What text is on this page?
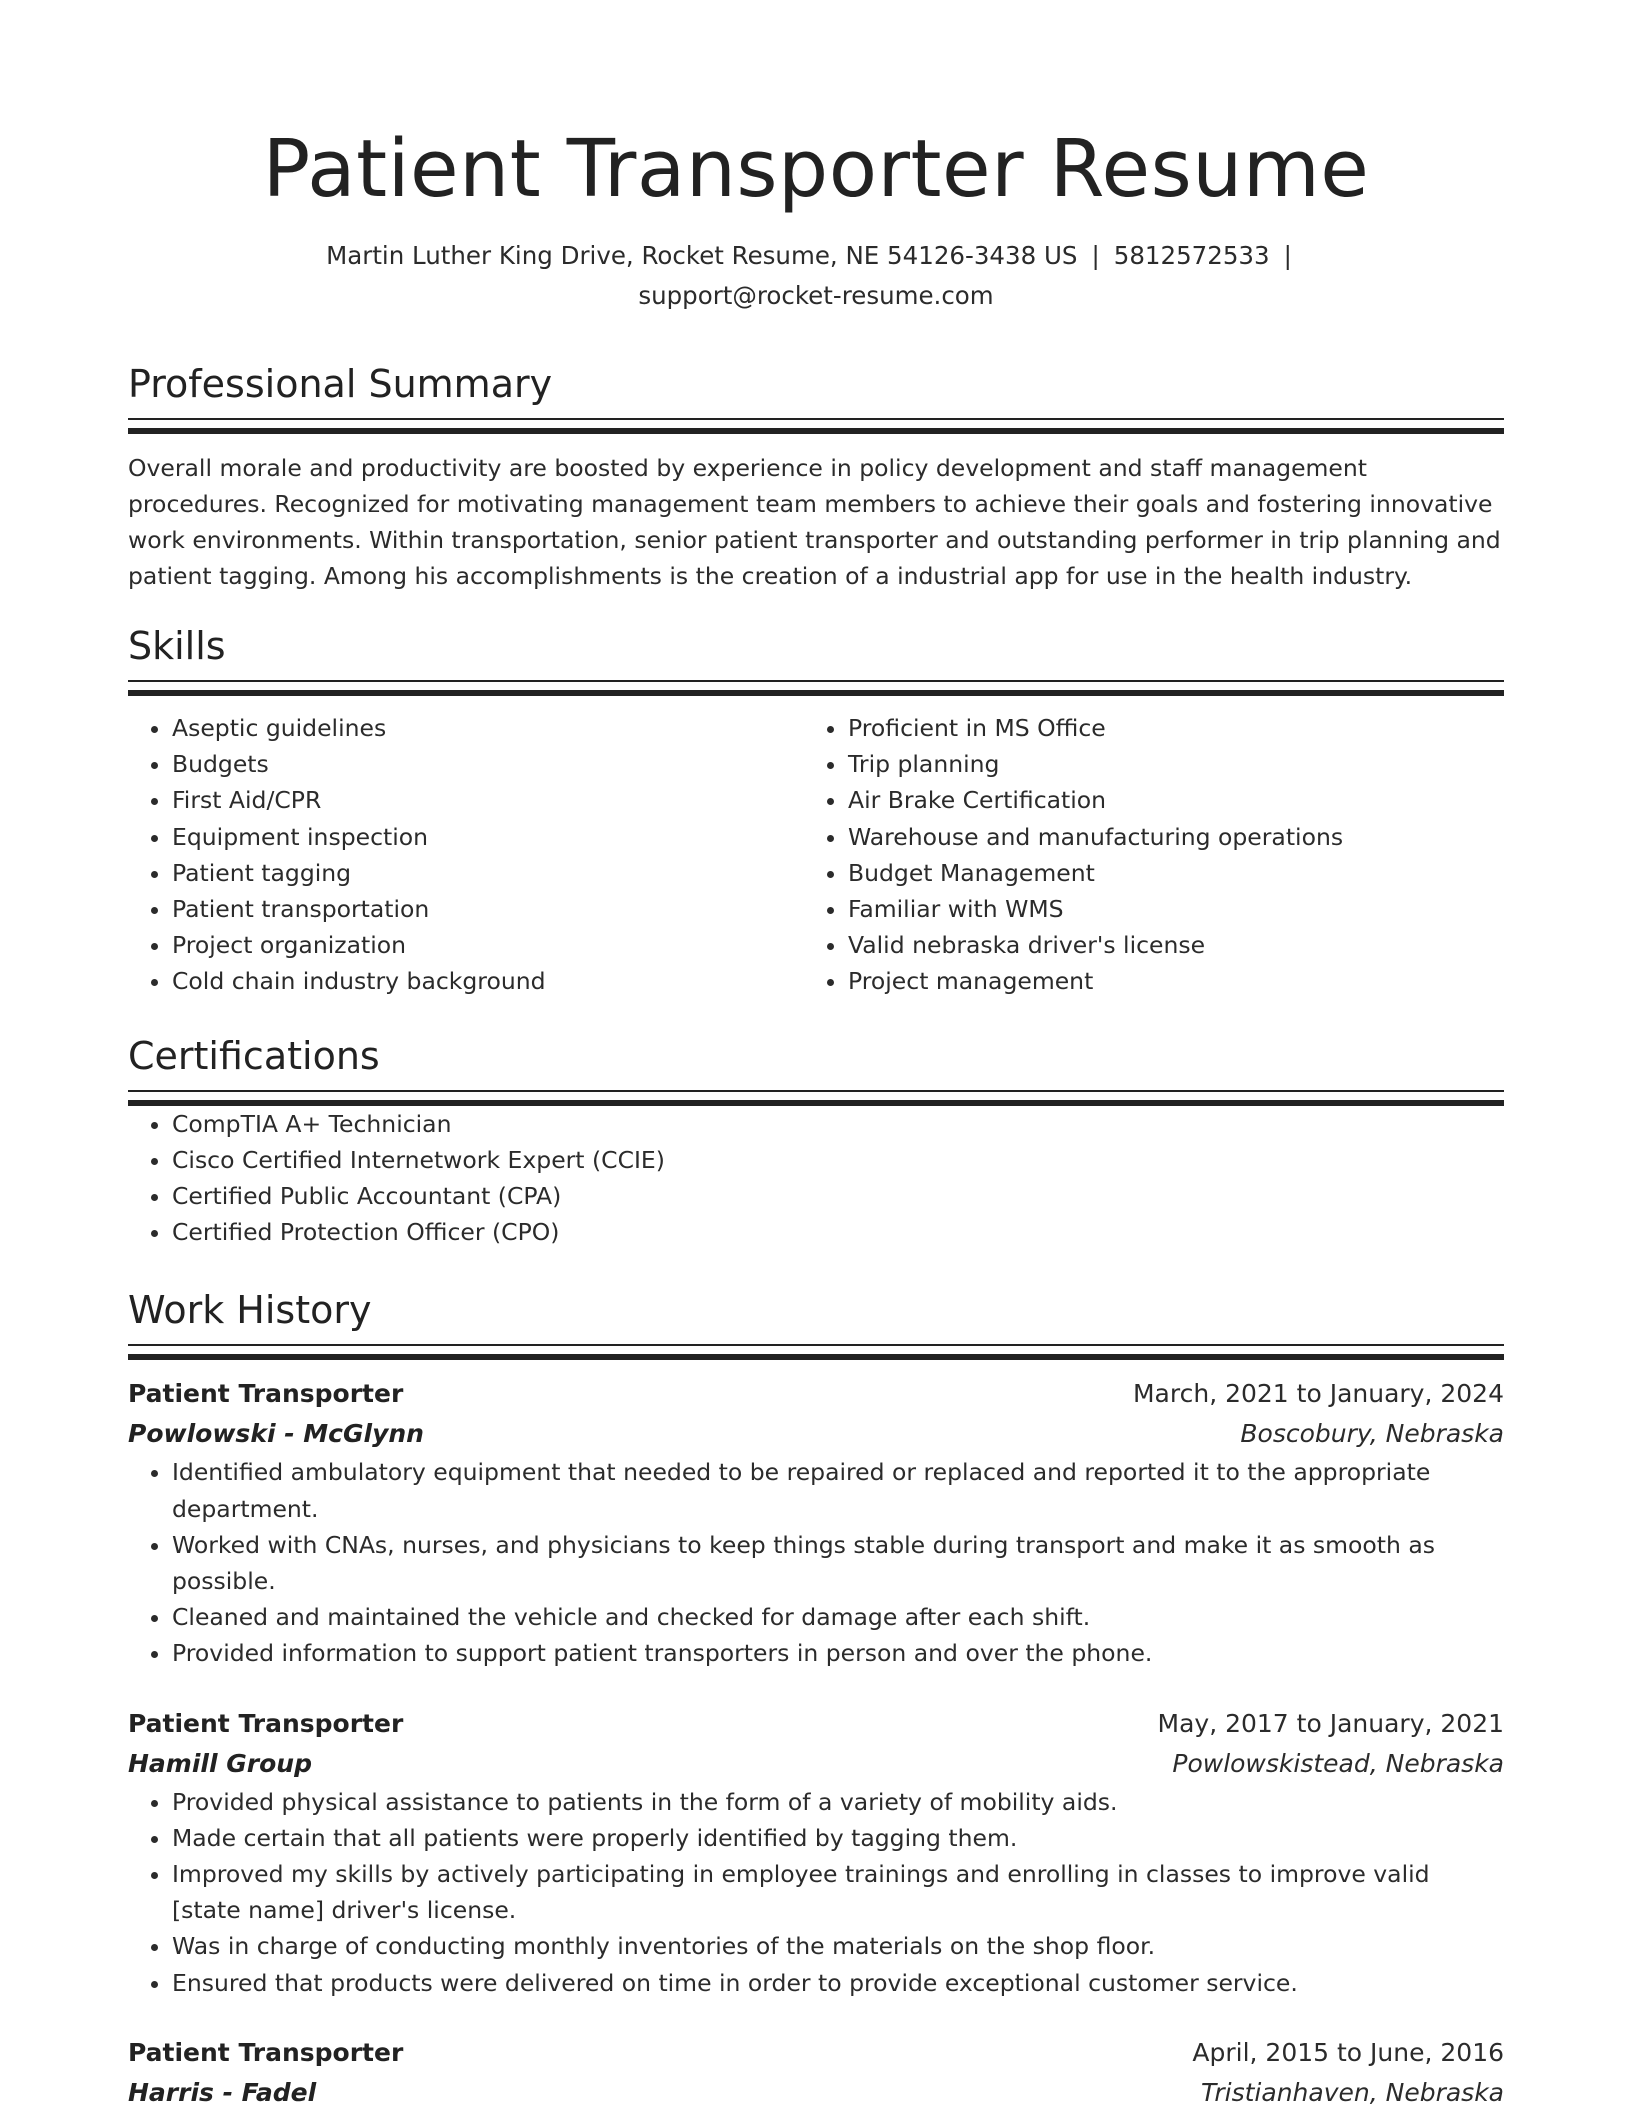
Patient Transporter Resume
Martin Luther King Drive, Rocket Resume, NE 54126-3438 US | 5812572533 |
support@rocket-resume.com
Professional Summary

Overall morale and productivity are boosted by experience in policy development and staff management procedures. Recognized for motivating management team members to achieve their goals and fostering innovative work environments. Within transportation, senior patient transporter and outstanding performer in trip planning and patient tagging. Among his accomplishments is the creation of a industrial app for use in the health industry.

Skills
• Aseptic guidelines
• Budgets
• First Aid/CPR
• Equipment inspection
• Patient tagging
• Patient transportation
• Project organization
• Cold chain industry background
• Proficient in MS Office
• Trip planning
• Air Brake Certification
• Warehouse and manufacturing operations
• Budget Management
• Familiar with WMS
• Valid nebraska driver's license
• Project management
Certifications
• CompTIA A+ Technician
• Cisco Certified Internetwork Expert (CCIE)
• Certified Public Accountant (CPA)
• Certified Protection Officer (CPO)
Work History
Patient Transporter	March, 2021 to January, 2024
Powlowski - McGlynn	Boscobury, Nebraska
• Identified ambulatory equipment that needed to be repaired or replaced and reported it to the appropriate department.
• Worked with CNAs, nurses, and physicians to keep things stable during transport and make it as smooth as possible.
• Cleaned and maintained the vehicle and checked for damage after each shift.
• Provided information to support patient transporters in person and over the phone.
Patient Transporter	May, 2017 to January, 2021
Hamill Group	Powlowskistead, Nebraska
• Provided physical assistance to patients in the form of a variety of mobility aids.
• Made certain that all patients were properly identified by tagging them.
• Improved my skills by actively participating in employee trainings and enrolling in classes to improve valid [state name] driver's license.
• Was in charge of conducting monthly inventories of the materials on the shop floor.
• Ensured that products were delivered on time in order to provide exceptional customer service.
Patient Transporter	April, 2015 to June, 2016
Harris - Fadel	Tristianhaven, Nebraska
